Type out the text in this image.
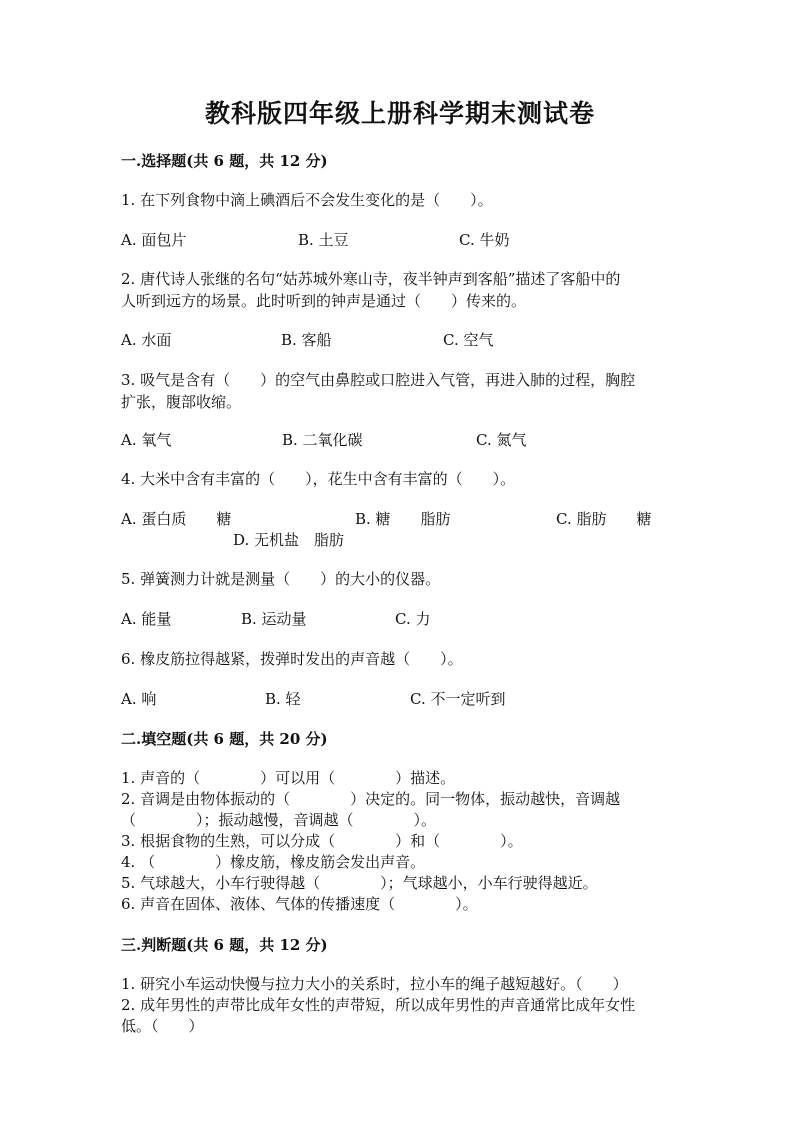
教科版四年级上册科学期末测试卷
一.选择题(共 6 题，共 12 分)
1. 在下列食物中滴上碘酒后不会发生变化的是（　　）。
A. 面包片	B. 土豆	C. 牛奶
2. 唐代诗人张继的名句“姑苏城外寒山寺，夜半钟声到客船”描述了客船中的
人听到远方的场景。此时听到的钟声是通过（　　）传来的。
A. 水面	B. 客船	C. 空气
3. 吸气是含有（　　）的空气由鼻腔或口腔进入气管，再进入肺的过程，胸腔
扩张，腹部收缩。
A. 氧气	B. 二氧化碳	C. 氮气
4. 大米中含有丰富的（　　），花生中含有丰富的（　　）。
A. 蛋白质　　糖	B. 糖　　脂肪	C. 脂肪　　糖
D. 无机盐　脂肪
5. 弹簧测力计就是测量（　　）的大小的仪器。
A. 能量	B. 运动量	C. 力
6. 橡皮筋拉得越紧，拨弹时发出的声音越（　　）。
A. 响	B. 轻	C. 不一定听到
二.填空题(共 6 题，共 20 分)
1. 声音的（　　　　）可以用（　　　　）描述。
2. 音调是由物体振动的（　　　　）决定的。同一物体，振动越快，音调越
（　　　　）；振动越慢，音调越（　　　　）。
3. 根据食物的生熟，可以分成（　　　　）和（　　　　）。
4. （　　　　）橡皮筋，橡皮筋会发出声音。
5. 气球越大，小车行驶得越（　　　　）；气球越小，小车行驶得越近。
6. 声音在固体、液体、气体的传播速度（　　　　）。
三.判断题(共 6 题，共 12 分)
1. 研究小车运动快慢与拉力大小的关系时，拉小车的绳子越短越好。（　　）
2. 成年男性的声带比成年女性的声带短，所以成年男性的声音通常比成年女性
低。（　　）
